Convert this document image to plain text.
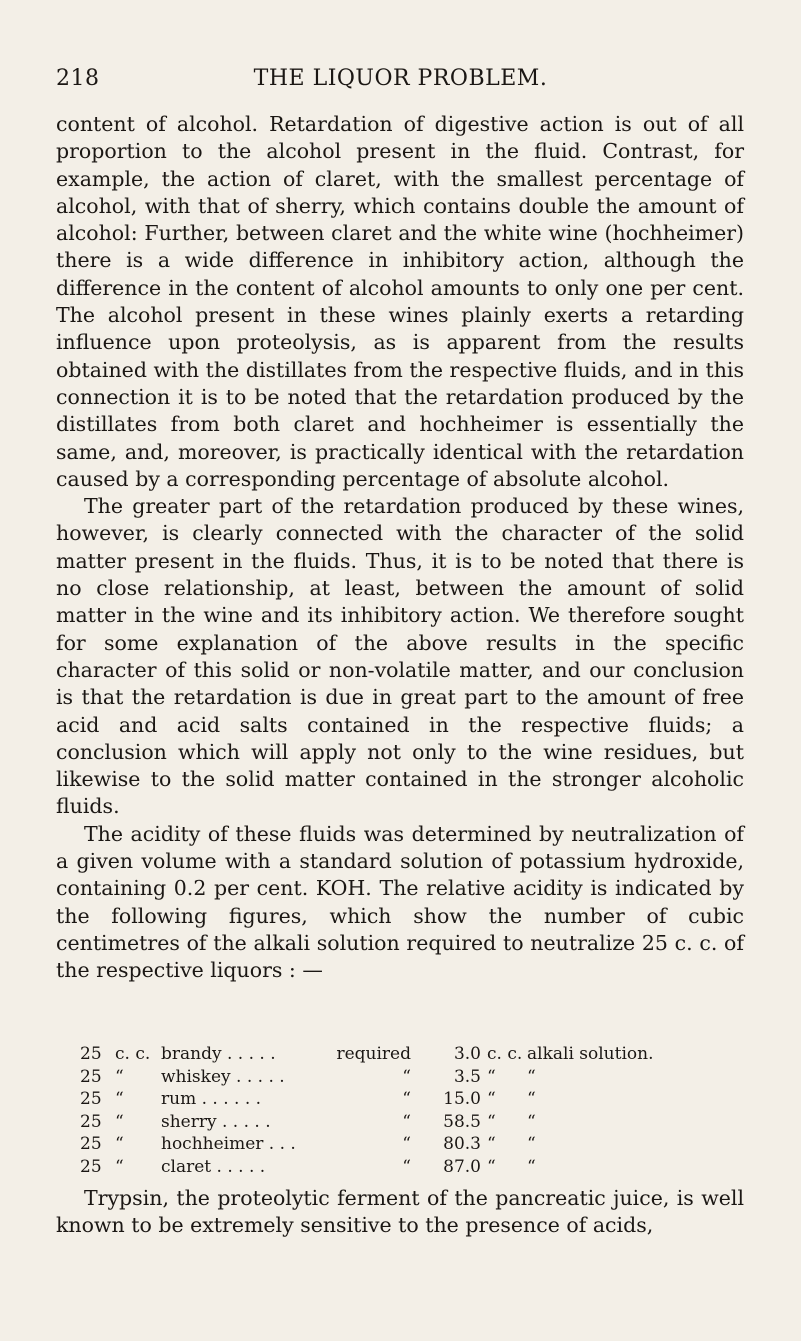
218	THE LIQUOR PROBLEM.

content of alcohol. Retardation of digestive action is out of all proportion to the alcohol present in the fluid. Contrast, for example, the action of claret, with the smallest percentage of alcohol, with that of sherry, which contains double the amount of alcohol: Further, between claret and the white wine (hochheimer) there is a wide difference in inhibitory action, although the difference in the content of alcohol amounts to only one per cent. The alcohol present in these wines plainly exerts a retarding influence upon proteolysis, as is apparent from the results obtained with the distillates from the respective fluids, and in this connection it is to be noted that the retardation produced by the distillates from both claret and hochheimer is essentially the same, and, moreover, is practically identical with the retardation caused by a corresponding percentage of absolute alcohol.

The greater part of the retardation produced by these wines, however, is clearly connected with the character of the solid matter present in the fluids. Thus, it is to be noted that there is no close relationship, at least, between the amount of solid matter in the wine and its inhibitory action. We therefore sought for some explanation of the above results in the specific character of this solid or non-volatile matter, and our conclusion is that the retardation is due in great part to the amount of free acid and acid salts contained in the respective fluids; a conclusion which will apply not only to the wine residues, but likewise to the solid matter contained in the stronger alcoholic fluids.

The acidity of these fluids was determined by neutralization of a given volume with a standard solution of potassium hydroxide, containing 0.2 per cent. KOH. The relative acidity is indicated by the following figures, which show the number of cubic centimetres of the alkali solution required to neutralize 25 c. c. of the respective liquors : —

25	c. c.	brandy . . . . .	required	3.0	c. c.	alkali solution.
25	“	whiskey . . . . .	“	3.5	“	“
25	“	rum . . . . . .	“	15.0	“	“
25	“	sherry . . . . .	“	58.5	“	“
25	“	hochheimer . . .	“	80.3	“	“
25	“	claret . . . . .	“	87.0	“	“

Trypsin, the proteolytic ferment of the pancreatic juice, is well known to be extremely sensitive to the presence of acids,
